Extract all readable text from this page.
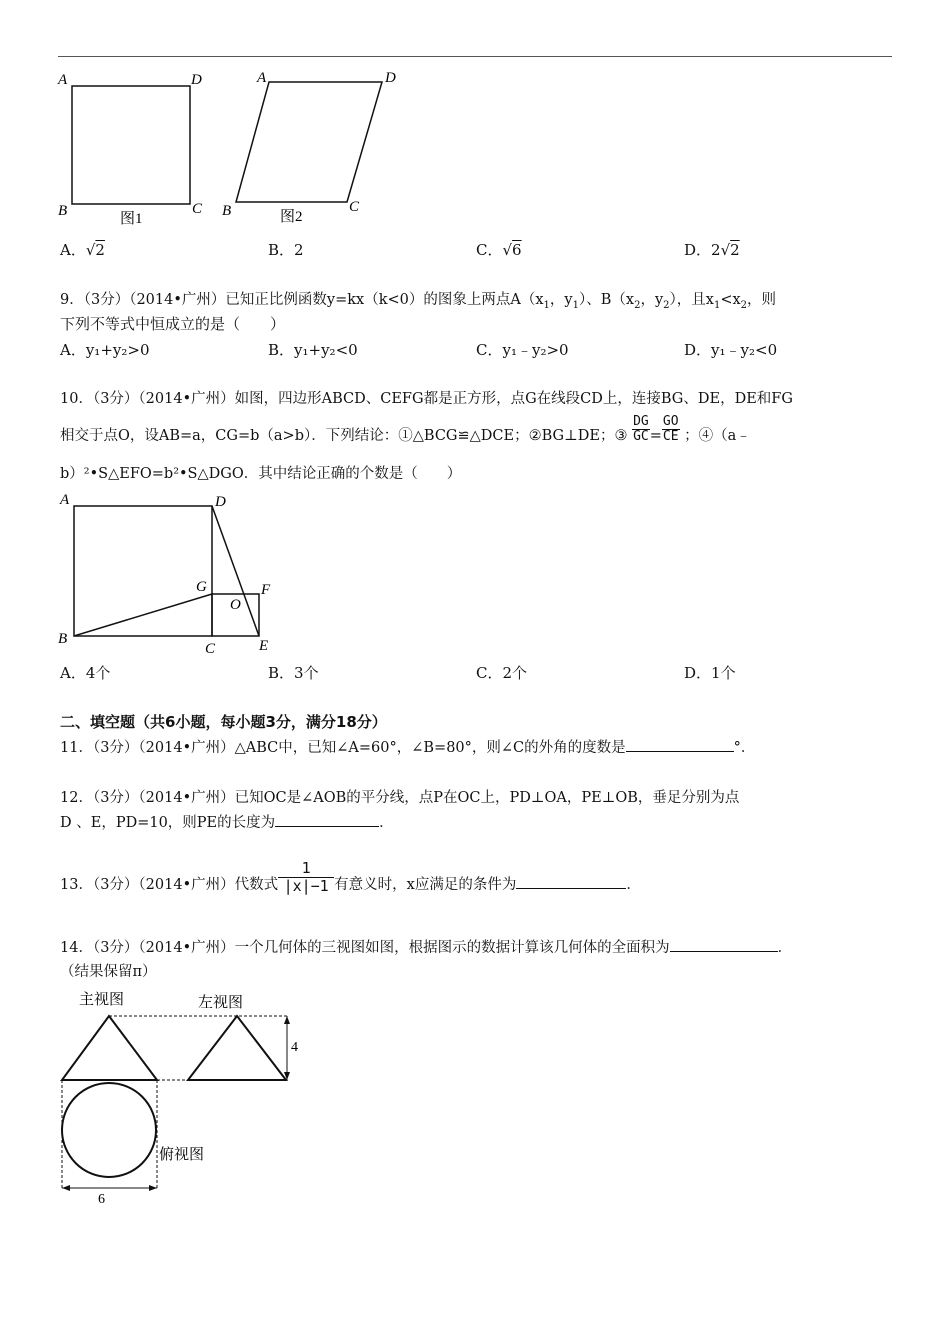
A	D
B	C
图1
A	D
B	C
图2
A．√2	B．2	C．√6	D．2√2
9．（3分）（2014•广州）已知正比例函数y=kx（k<0）的图象上两点$A(x_1$，$y_1$）、$B(x_2$，$y_2$），且$x_1<x_2$，则
下列不等式中恒成立的是（　　）
A．y₁+y₂>0	B．y₁+y₂<0	C．y₁﹣y₂>0	D．y₁﹣y₂<0
10．（3分）（2014•广州）如图，四边形ABCD、CEFG都是正方形，点G在线段CD上，连接BG、DE，DE和FG
相交于点O，设AB=a，CG=b（a>b）．下列结论：①△BCG≌△DCE；②BG⊥DE；③ $\frac{DG}{GC} = \frac{GO}{CE}$ ；④（a﹣
b）²•S△EFO=b²•S△DGO．其中结论正确的个数是（　　）
A	D
B
C	E
F
G
O
A．4个	B．3个	C．2个	D．1个
二、填空题（共6小题，每小题3分，满分18分）
11．（3分）（2014•广州）△ABC中，已知∠A=60°，∠B=80°，则∠C的外角的度数是	°．
12．（3分）（2014•广州）已知OC是∠AOB的平分线，点P在OC上，PD⊥OA，PE⊥OB，垂足分别为点
D 、E，PD=10，则PE的长度为	．
13．（3分）（2014•广州）代数式 $\frac{1}{|x|-1}$ 有意义时，x应满足的条件为	．
14．（3分）（2014•广州）一个几何体的三视图如图，根据图示的数据计算该几何体的全面积为	．
（结果保留π）
主视图	左视图
4
俯视图
6
